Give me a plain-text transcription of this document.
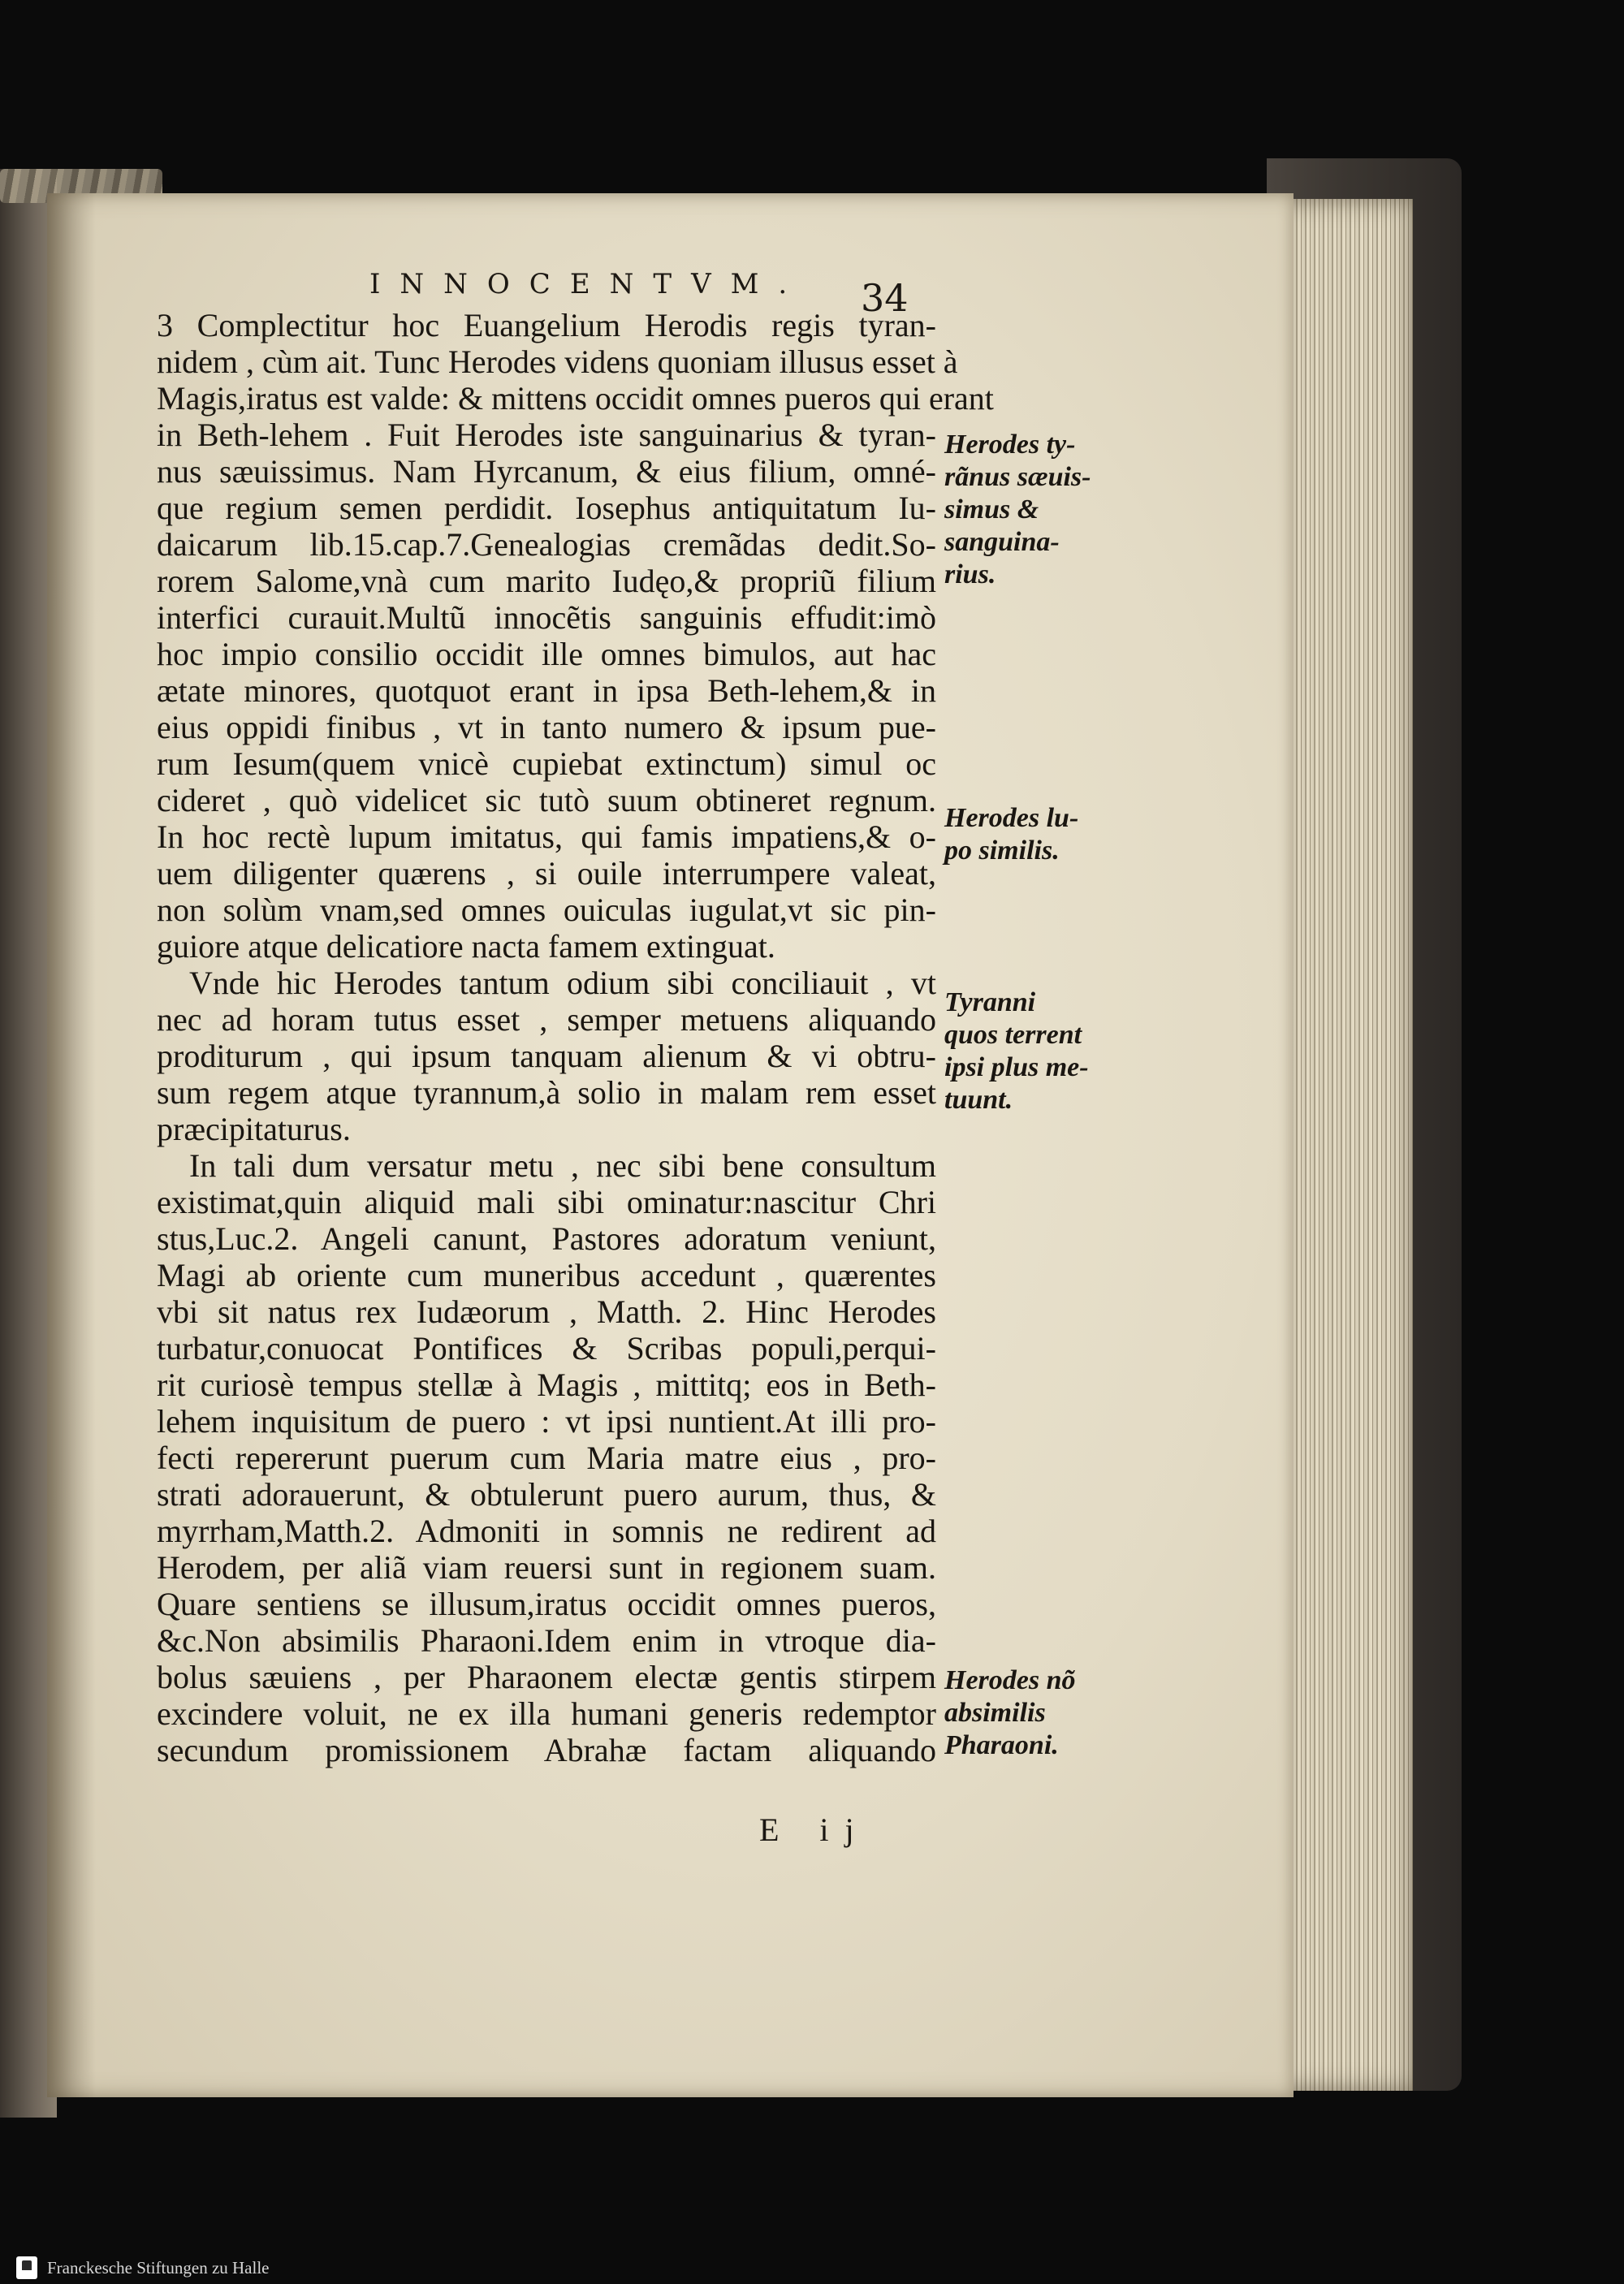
INNOCENTVM.	34
3 Complectitur hoc Euangelium Herodis regis tyran-
nidem , cùm ait. Tunc Herodes videns quoniam illusus esset à
Magis,iratus est valde: & mittens occidit omnes pueros qui erant
in Beth-lehem . Fuit Herodes iste sanguinarius & tyran-
nus sæuissimus. Nam Hyrcanum, & eius filium, omné-
que regium semen perdidit. Iosephus antiquitatum Iu-
daicarum lib.15.cap.7.Genealogias cremãdas dedit.So-
rorem Salome,vnà cum marito Iudęo,& propriũ filium
interfici curauit.Multũ innocẽtis sanguinis effudit:imò
hoc impio consilio occidit ille omnes bimulos, aut hac
ætate minores, quotquot erant in ipsa Beth-lehem,& in
eius oppidi finibus , vt in tanto numero & ipsum pue-
rum Iesum(quem vnicè cupiebat extinctum) simul oc
cideret , quò videlicet sic tutò suum obtineret regnum.
In hoc rectè lupum imitatus, qui famis impatiens,& o-
uem diligenter quærens , si ouile interrumpere valeat,
non solùm vnam,sed omnes ouiculas iugulat,vt sic pin-
guiore atque delicatiore nacta famem extinguat.
Vnde hic Herodes tantum odium sibi conciliauit , vt
nec ad horam tutus esset , semper metuens aliquando
proditurum , qui ipsum tanquam alienum & vi obtru-
sum regem atque tyrannum,à solio in malam rem esset
præcipitaturus.
In tali dum versatur metu , nec sibi bene consultum
existimat,quin aliquid mali sibi ominatur:nascitur Chri
stus,Luc.2. Angeli canunt, Pastores adoratum veniunt,
Magi ab oriente cum muneribus accedunt , quærentes
vbi sit natus rex Iudæorum , Matth. 2. Hinc Herodes
turbatur,conuocat Pontifices & Scribas populi,perqui-
rit curiosè tempus stellæ à Magis , mittitq; eos in Beth-
lehem inquisitum de puero : vt ipsi nuntient.At illi pro-
fecti repererunt puerum cum Maria matre eius , pro-
strati adorauerunt, & obtulerunt puero aurum, thus, &
myrrham,Matth.2. Admoniti in somnis ne redirent ad
Herodem, per aliã viam reuersi sunt in regionem suam.
Quare sentiens se illusum,iratus occidit omnes pueros,
&c.Non absimilis Pharaoni.Idem enim in vtroque dia-
bolus sæuiens , per Pharaonem electæ gentis stirpem
excindere voluit, ne ex illa humani generis redemptor
secundum promissionem Abrahæ factam aliquando
Herodes ty-
rãnus sæuis-
simus &
sanguina-
rius.
Herodes lu-
po similis.
Tyranni
quos terrent
ipsi plus me-
tuunt.
Herodes nõ
absimilis
Pharaoni.
E ij
Franckesche Stiftungen zu Halle
